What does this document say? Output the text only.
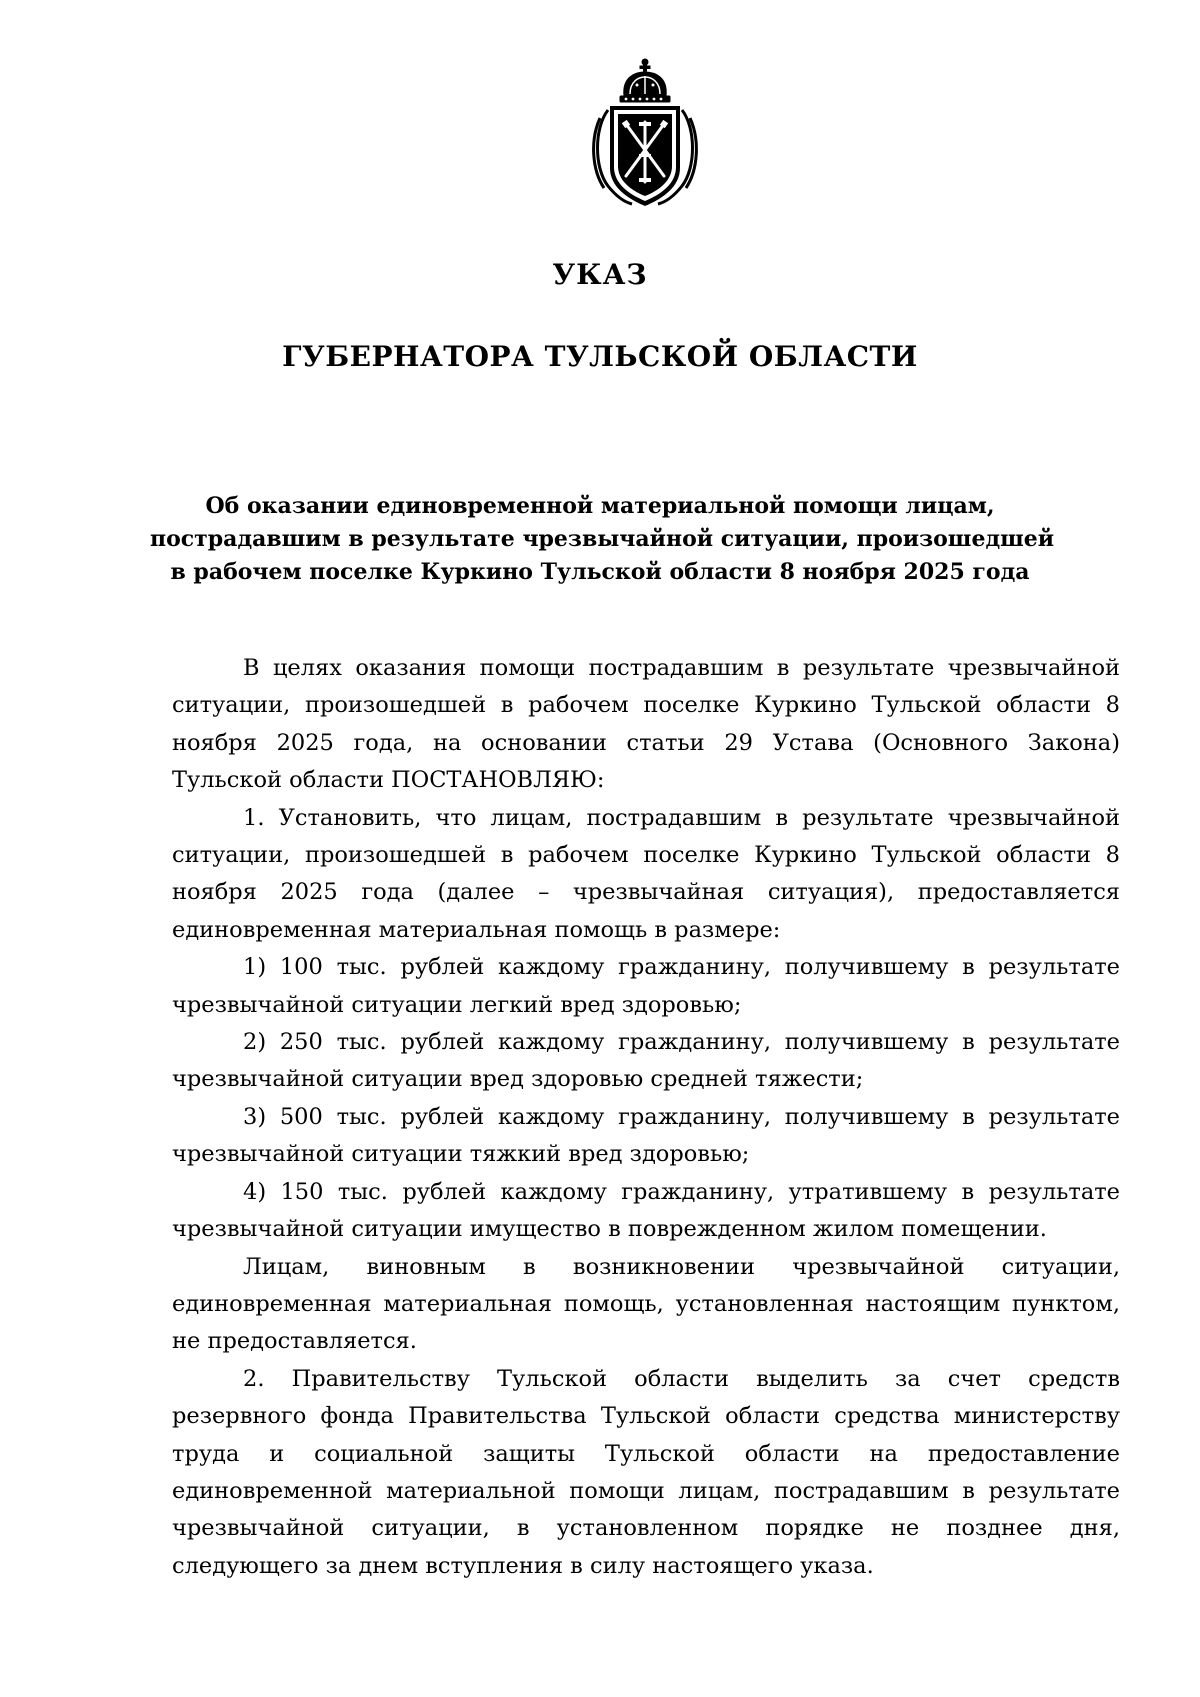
УКАЗ
ГУБЕРНАТОРА ТУЛЬСКОЙ ОБЛАСТИ

Об оказании единовременной материальной помощи лицам,
пострадавшим в результате чрезвычайной ситуации, произошедшей
в рабочем поселке Куркино Тульской области 8 ноября 2025 года

В целях оказания помощи пострадавшим в результате чрезвычайной ситуации, произошедшей в рабочем поселке Куркино Тульской области 8 ноября 2025 года, на основании статьи 29 Устава (Основного Закона) Тульской области ПОСТАНОВЛЯЮ:

1. Установить, что лицам, пострадавшим в результате чрезвычайной ситуации, произошедшей в рабочем поселке Куркино Тульской области 8 ноября 2025 года (далее – чрезвычайная ситуация), предоставляется единовременная материальная помощь в размере:

1) 100 тыс. рублей каждому гражданину, получившему в результате чрезвычайной ситуации легкий вред здоровью;

2) 250 тыс. рублей каждому гражданину, получившему в результате чрезвычайной ситуации вред здоровью средней тяжести;

3) 500 тыс. рублей каждому гражданину, получившему в результате чрезвычайной ситуации тяжкий вред здоровью;

4) 150 тыс. рублей каждому гражданину, утратившему в результате чрезвычайной ситуации имущество в поврежденном жилом помещении.

Лицам, виновным в возникновении чрезвычайной ситуации, единовременная материальная помощь, установленная настоящим пунктом, не предоставляется.

2. Правительству Тульской области выделить за счет средств резервного фонда Правительства Тульской области средства министерству труда и социальной защиты Тульской области на предоставление единовременной материальной помощи лицам, пострадавшим в результате чрезвычайной ситуации, в установленном порядке не позднее дня, следующего за днем вступления в силу настоящего указа.
